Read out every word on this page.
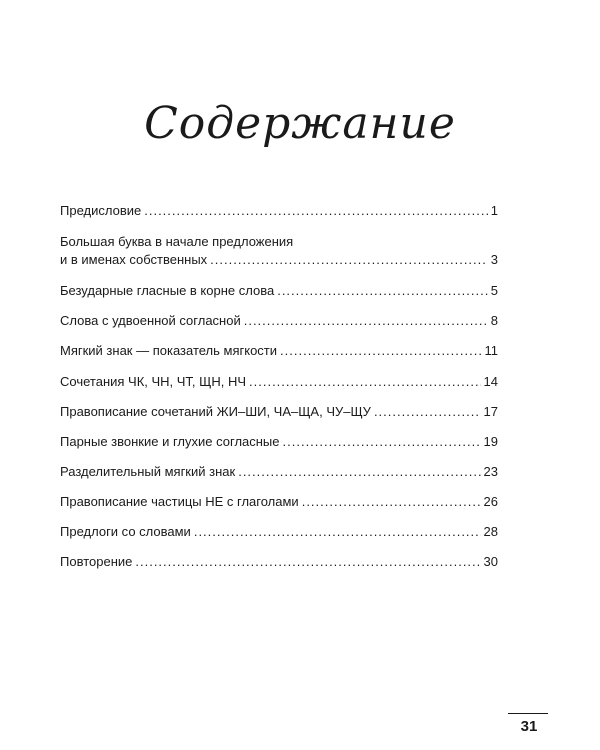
Содержание
Предисловие .....	1
Большая буква в начале предложения
и в именах собственных .....	3
Безударные гласные в корне слова .....	5
Слова с удвоенной согласной .....	8
Мягкий знак — показатель мягкости .....	11
Сочетания ЧК, ЧН, ЧТ, ЩН, НЧ .....	14
Правописание сочетаний ЖИ–ШИ, ЧА–ЩА, ЧУ–ЩУ .....	17
Парные звонкие и глухие согласные .....	19
Разделительный мягкий знак .....	23
Правописание частицы НЕ с глаголами .....	26
Предлоги со словами .....	28
Повторение .....	30
31
